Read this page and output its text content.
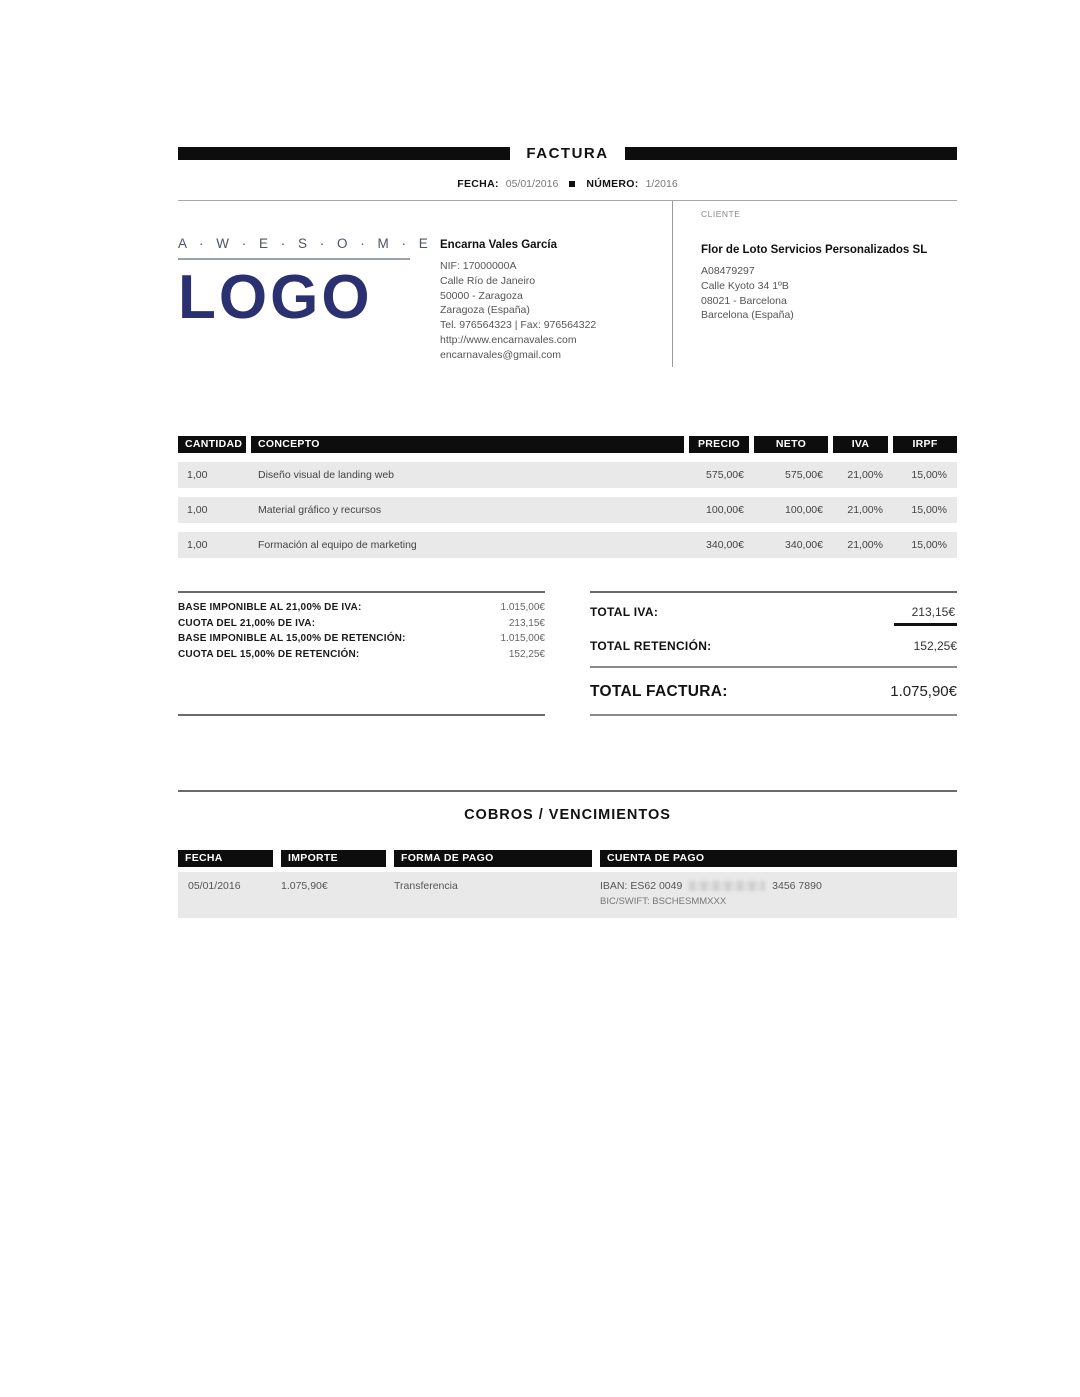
FACTURA
FECHA: 05/01/2016	NÚMERO: 1/2016
A · W · E · S · O · M · E
LOGO
Encarna Vales García
NIF: 17000000A
Calle Río de Janeiro
50000 - Zaragoza
Zaragoza (España)
Tel. 976564323 | Fax: 976564322
http://www.encarnavales.com
encarnavales@gmail.com
CLIENTE
Flor de Loto Servicios Personalizados SL
A08479297
Calle Kyoto 34 1ºB
08021 - Barcelona
Barcelona (España)
CANTIDAD	CONCEPTO	PRECIO	NETO	IVA	IRPF
1,00	Diseño visual de landing web	575,00€	575,00€	21,00%	15,00%
1,00	Material gráfico y recursos	100,00€	100,00€	21,00%	15,00%
1,00	Formación al equipo de marketing	340,00€	340,00€	21,00%	15,00%
BASE IMPONIBLE AL 21,00% DE IVA:	1.015,00€
CUOTA DEL 21,00% DE IVA:	213,15€
BASE IMPONIBLE AL 15,00% DE RETENCIÓN:	1.015,00€
CUOTA DEL 15,00% DE RETENCIÓN:	152,25€
TOTAL IVA:	213,15€
TOTAL RETENCIÓN:	152,25€
TOTAL FACTURA:	1.075,90€
COBROS / VENCIMIENTOS
FECHA	IMPORTE	FORMA DE PAGO	CUENTA DE PAGO
05/01/2016	1.075,90€	Transferencia	IBAN: ES62 0049	3456 7890
BIC/SWIFT: BSCHESMMXXX
